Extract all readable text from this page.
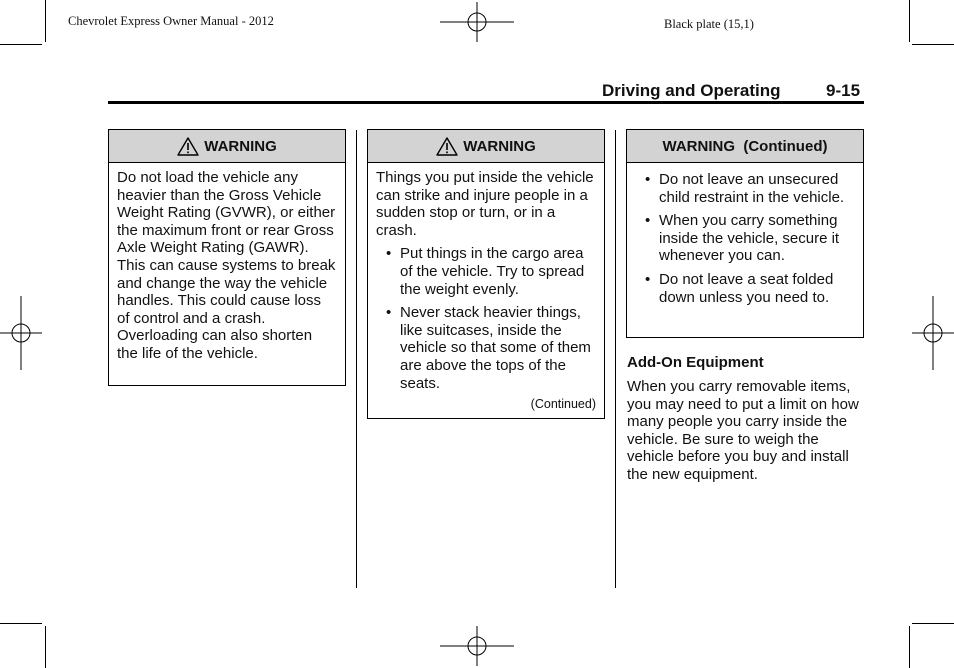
Chevrolet Express Owner Manual - 2012	Black plate (15,1)
Driving and Operating	9-15
WARNING
Do not load the vehicle any heavier than the Gross Vehicle Weight Rating (GVWR), or either the maximum front or rear Gross Axle Weight Rating (GAWR). This can cause systems to break and change the way the vehicle handles. This could cause loss of control and a crash. Overloading can also shorten the life of the vehicle.
WARNING
Things you put inside the vehicle can strike and injure people in a sudden stop or turn, or in a crash.
• Put things in the cargo area of the vehicle. Try to spread the weight evenly.
• Never stack heavier things, like suitcases, inside the vehicle so that some of them are above the tops of the seats.
(Continued)
WARNING  (Continued)
• Do not leave an unsecured child restraint in the vehicle.
• When you carry something inside the vehicle, secure it whenever you can.
• Do not leave a seat folded down unless you need to.
Add-On Equipment
When you carry removable items, you may need to put a limit on how many people you carry inside the vehicle. Be sure to weigh the vehicle before you buy and install the new equipment.
